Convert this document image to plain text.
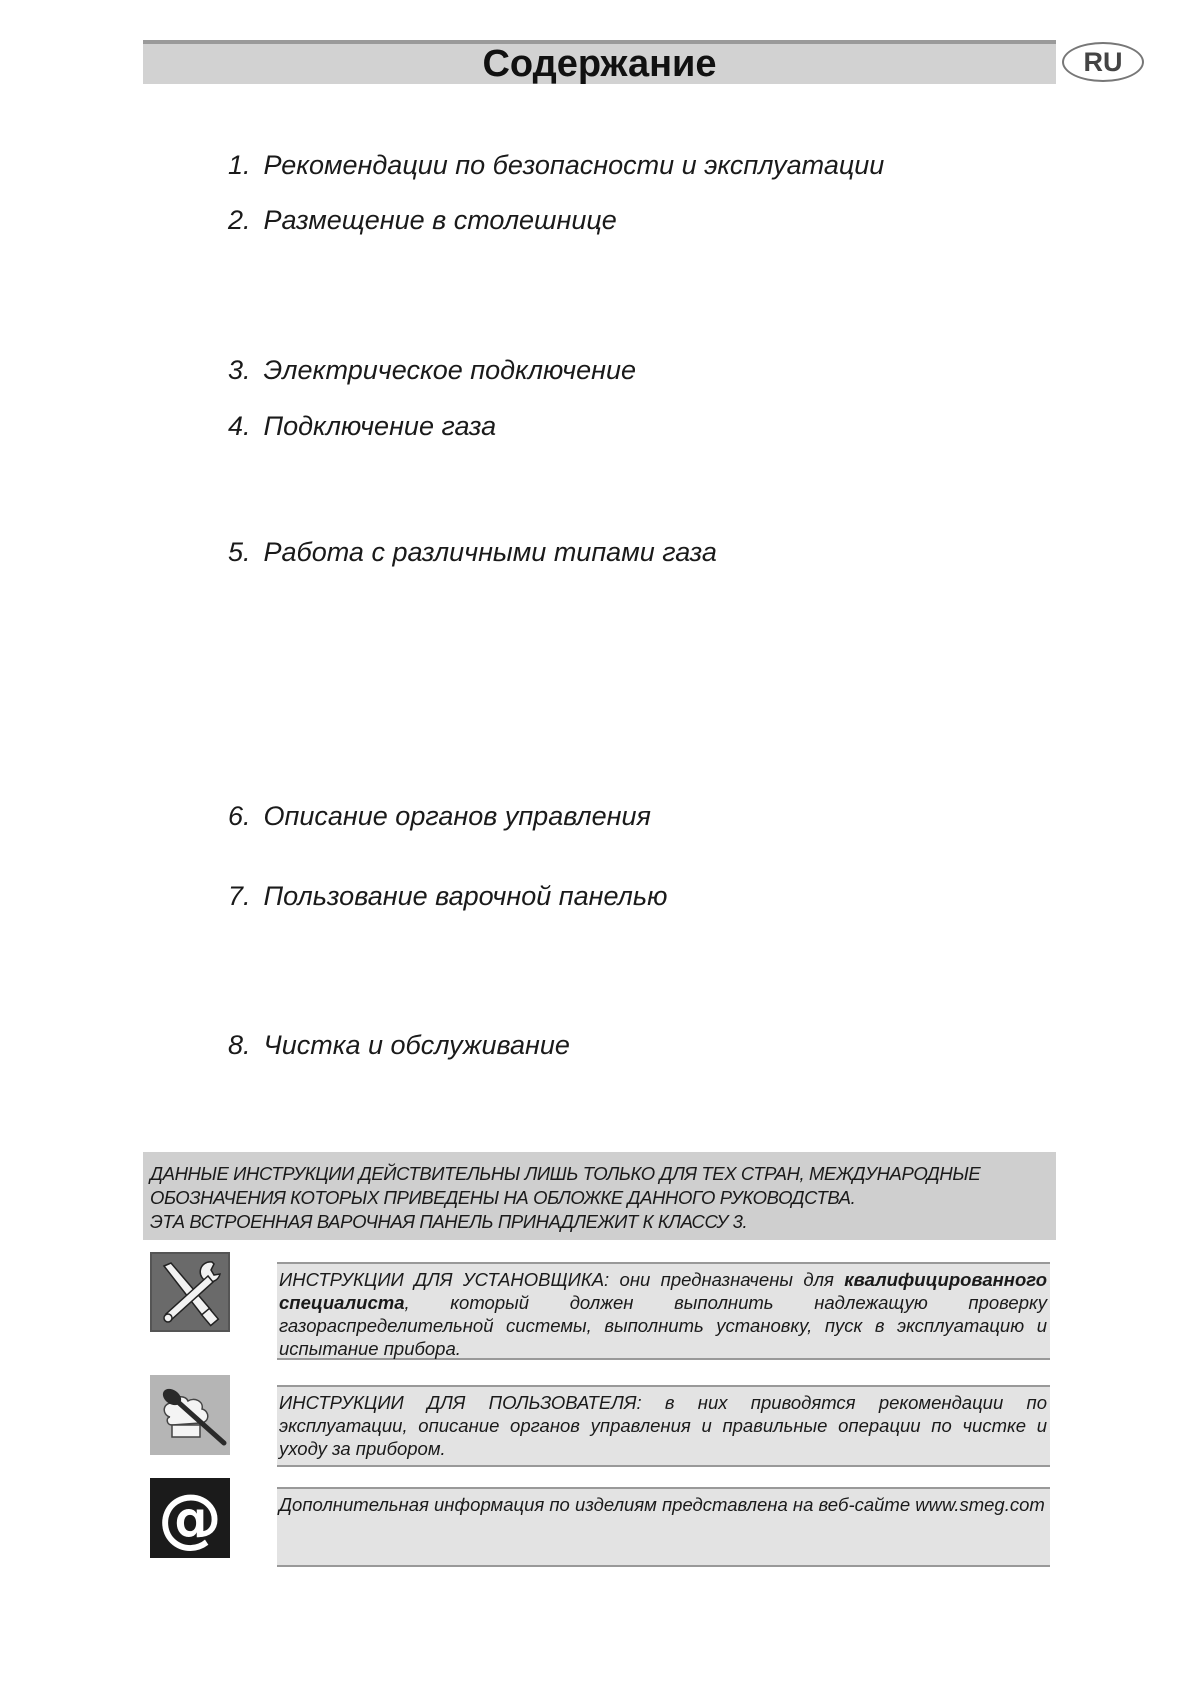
Содержание	RU
1. Рекомендации по безопасности и эксплуатации
2. Размещение в столешнице
3. Электрическое подключение
4. Подключение газа
5. Работа с различными типами газа
6. Описание органов управления
7. Пользование варочной панелью
8. Чистка и обслуживание
ДАННЫЕ ИНСТРУКЦИИ ДЕЙСТВИТЕЛЬНЫ ЛИШЬ ТОЛЬКО ДЛЯ ТЕХ СТРАН, МЕЖДУНАРОДНЫЕ
ОБОЗНАЧЕНИЯ КОТОРЫХ ПРИВЕДЕНЫ НА ОБЛОЖКЕ ДАННОГО РУКОВОДСТВА.
ЭТА ВСТРОЕННАЯ ВАРОЧНАЯ ПАНЕЛЬ ПРИНАДЛЕЖИТ К КЛАССУ 3.
ИНСТРУКЦИИ ДЛЯ УСТАНОВЩИКА: они предназначены для квалифицированного специалиста, который должен выполнить надлежащую проверку газораспределительной системы, выполнить установку, пуск в эксплуатацию и испытание прибора.
ИНСТРУКЦИИ ДЛЯ ПОЛЬЗОВАТЕЛЯ: в них приводятся рекомендации по эксплуатации, описание органов управления и правильные операции по чистке и уходу за прибором.
@	Дополнительная информация по изделиям представлена на веб-сайте www.smeg.com
